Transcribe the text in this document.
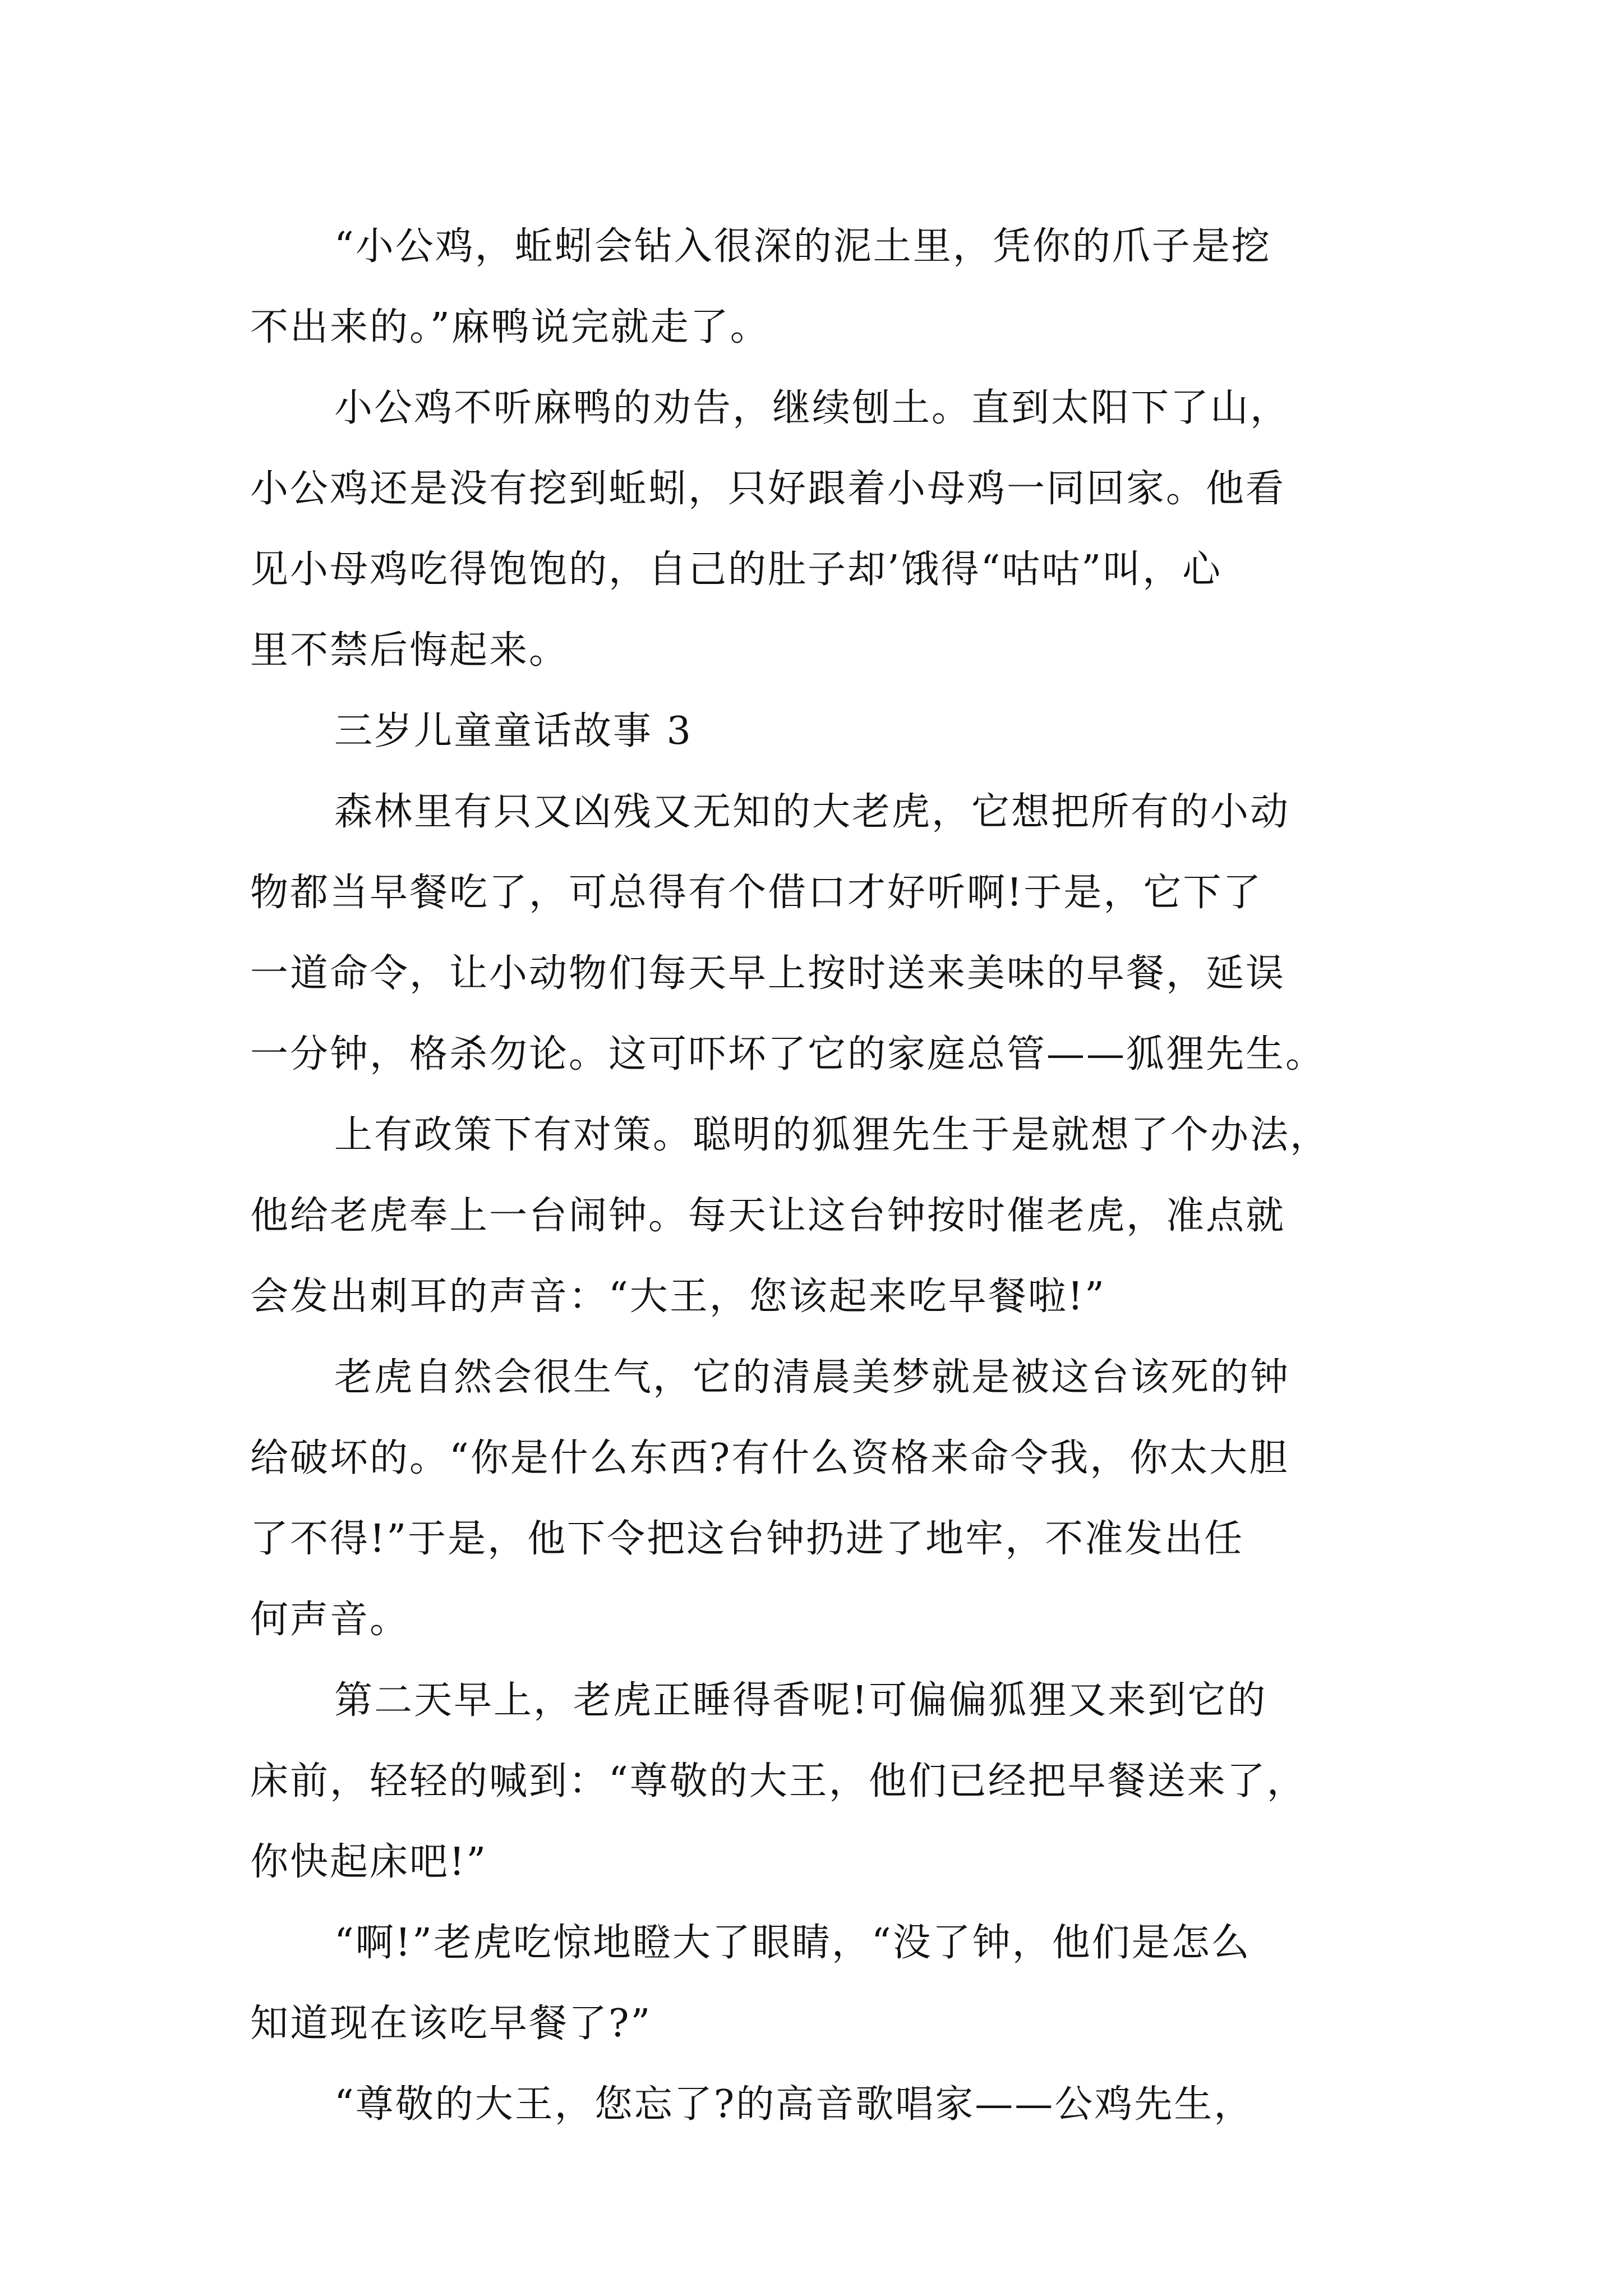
“小公鸡，蚯蚓会钻入很深的泥土里，凭你的爪子是挖
不出来的。”麻鸭说完就走了。

小公鸡不听麻鸭的劝告，继续刨土。直到太阳下了山，
小公鸡还是没有挖到蚯蚓，只好跟着小母鸡一同回家。他看
见小母鸡吃得饱饱的，自己的肚子却’饿得“咕咕”叫，心
里不禁后悔起来。

三岁儿童童话故事 3

森林里有只又凶残又无知的大老虎，它想把所有的小动
物都当早餐吃了，可总得有个借口才好听啊!于是，它下了
一道命令，让小动物们每天早上按时送来美味的早餐，延误
一分钟，格杀勿论。这可吓坏了它的家庭总管——狐狸先生。

上有政策下有对策。聪明的狐狸先生于是就想了个办法，
他给老虎奉上一台闹钟。每天让这台钟按时催老虎，准点就
会发出刺耳的声音：“大王，您该起来吃早餐啦!”

老虎自然会很生气，它的清晨美梦就是被这台该死的钟
给破坏的。“你是什么东西?有什么资格来命令我，你太大胆
了不得!”于是，他下令把这台钟扔进了地牢，不准发出任
何声音。

第二天早上，老虎正睡得香呢!可偏偏狐狸又来到它的
床前，轻轻的喊到：“尊敬的大王，他们已经把早餐送来了，
你快起床吧!”

“啊!”老虎吃惊地瞪大了眼睛，“没了钟，他们是怎么
知道现在该吃早餐了?”

“尊敬的大王，您忘了?的高音歌唱家——公鸡先生，
